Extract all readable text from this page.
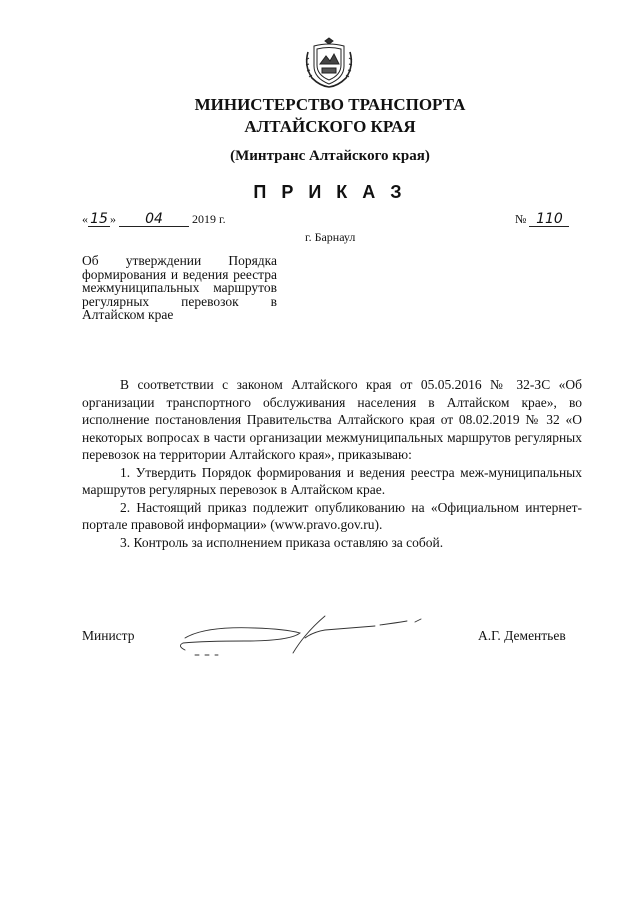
МИНИСТЕРСТВО ТРАНСПОРТА
АЛТАЙСКОГО КРАЯ
(Минтранс Алтайского края)
П Р И К А З
« 15 » 04 2019 г.	№ 110
г. Барнаул
Об утверждении Порядка формирования и ведения реестра межмуниципальных маршрутов регулярных перевозок в Алтайском крае

В соответствии с законом Алтайского края от 05.05.2016 № 32-ЗС «Об организации транспортного обслуживания населения в Алтайском крае», во исполнение постановления Правительства Алтайского края от 08.02.2019 № 32 «О некоторых вопросах в части организации межмуниципальных маршрутов регулярных перевозок на территории Алтайского края», приказываю:

1. Утвердить Порядок формирования и ведения реестра меж-муниципальных маршрутов регулярных перевозок в Алтайском крае.

2. Настоящий приказ подлежит опубликованию на «Официальном интернет-портале правовой информации» (www.pravo.gov.ru).

3. Контроль за исполнением приказа оставляю за собой.

Министр	А.Г. Дементьев
